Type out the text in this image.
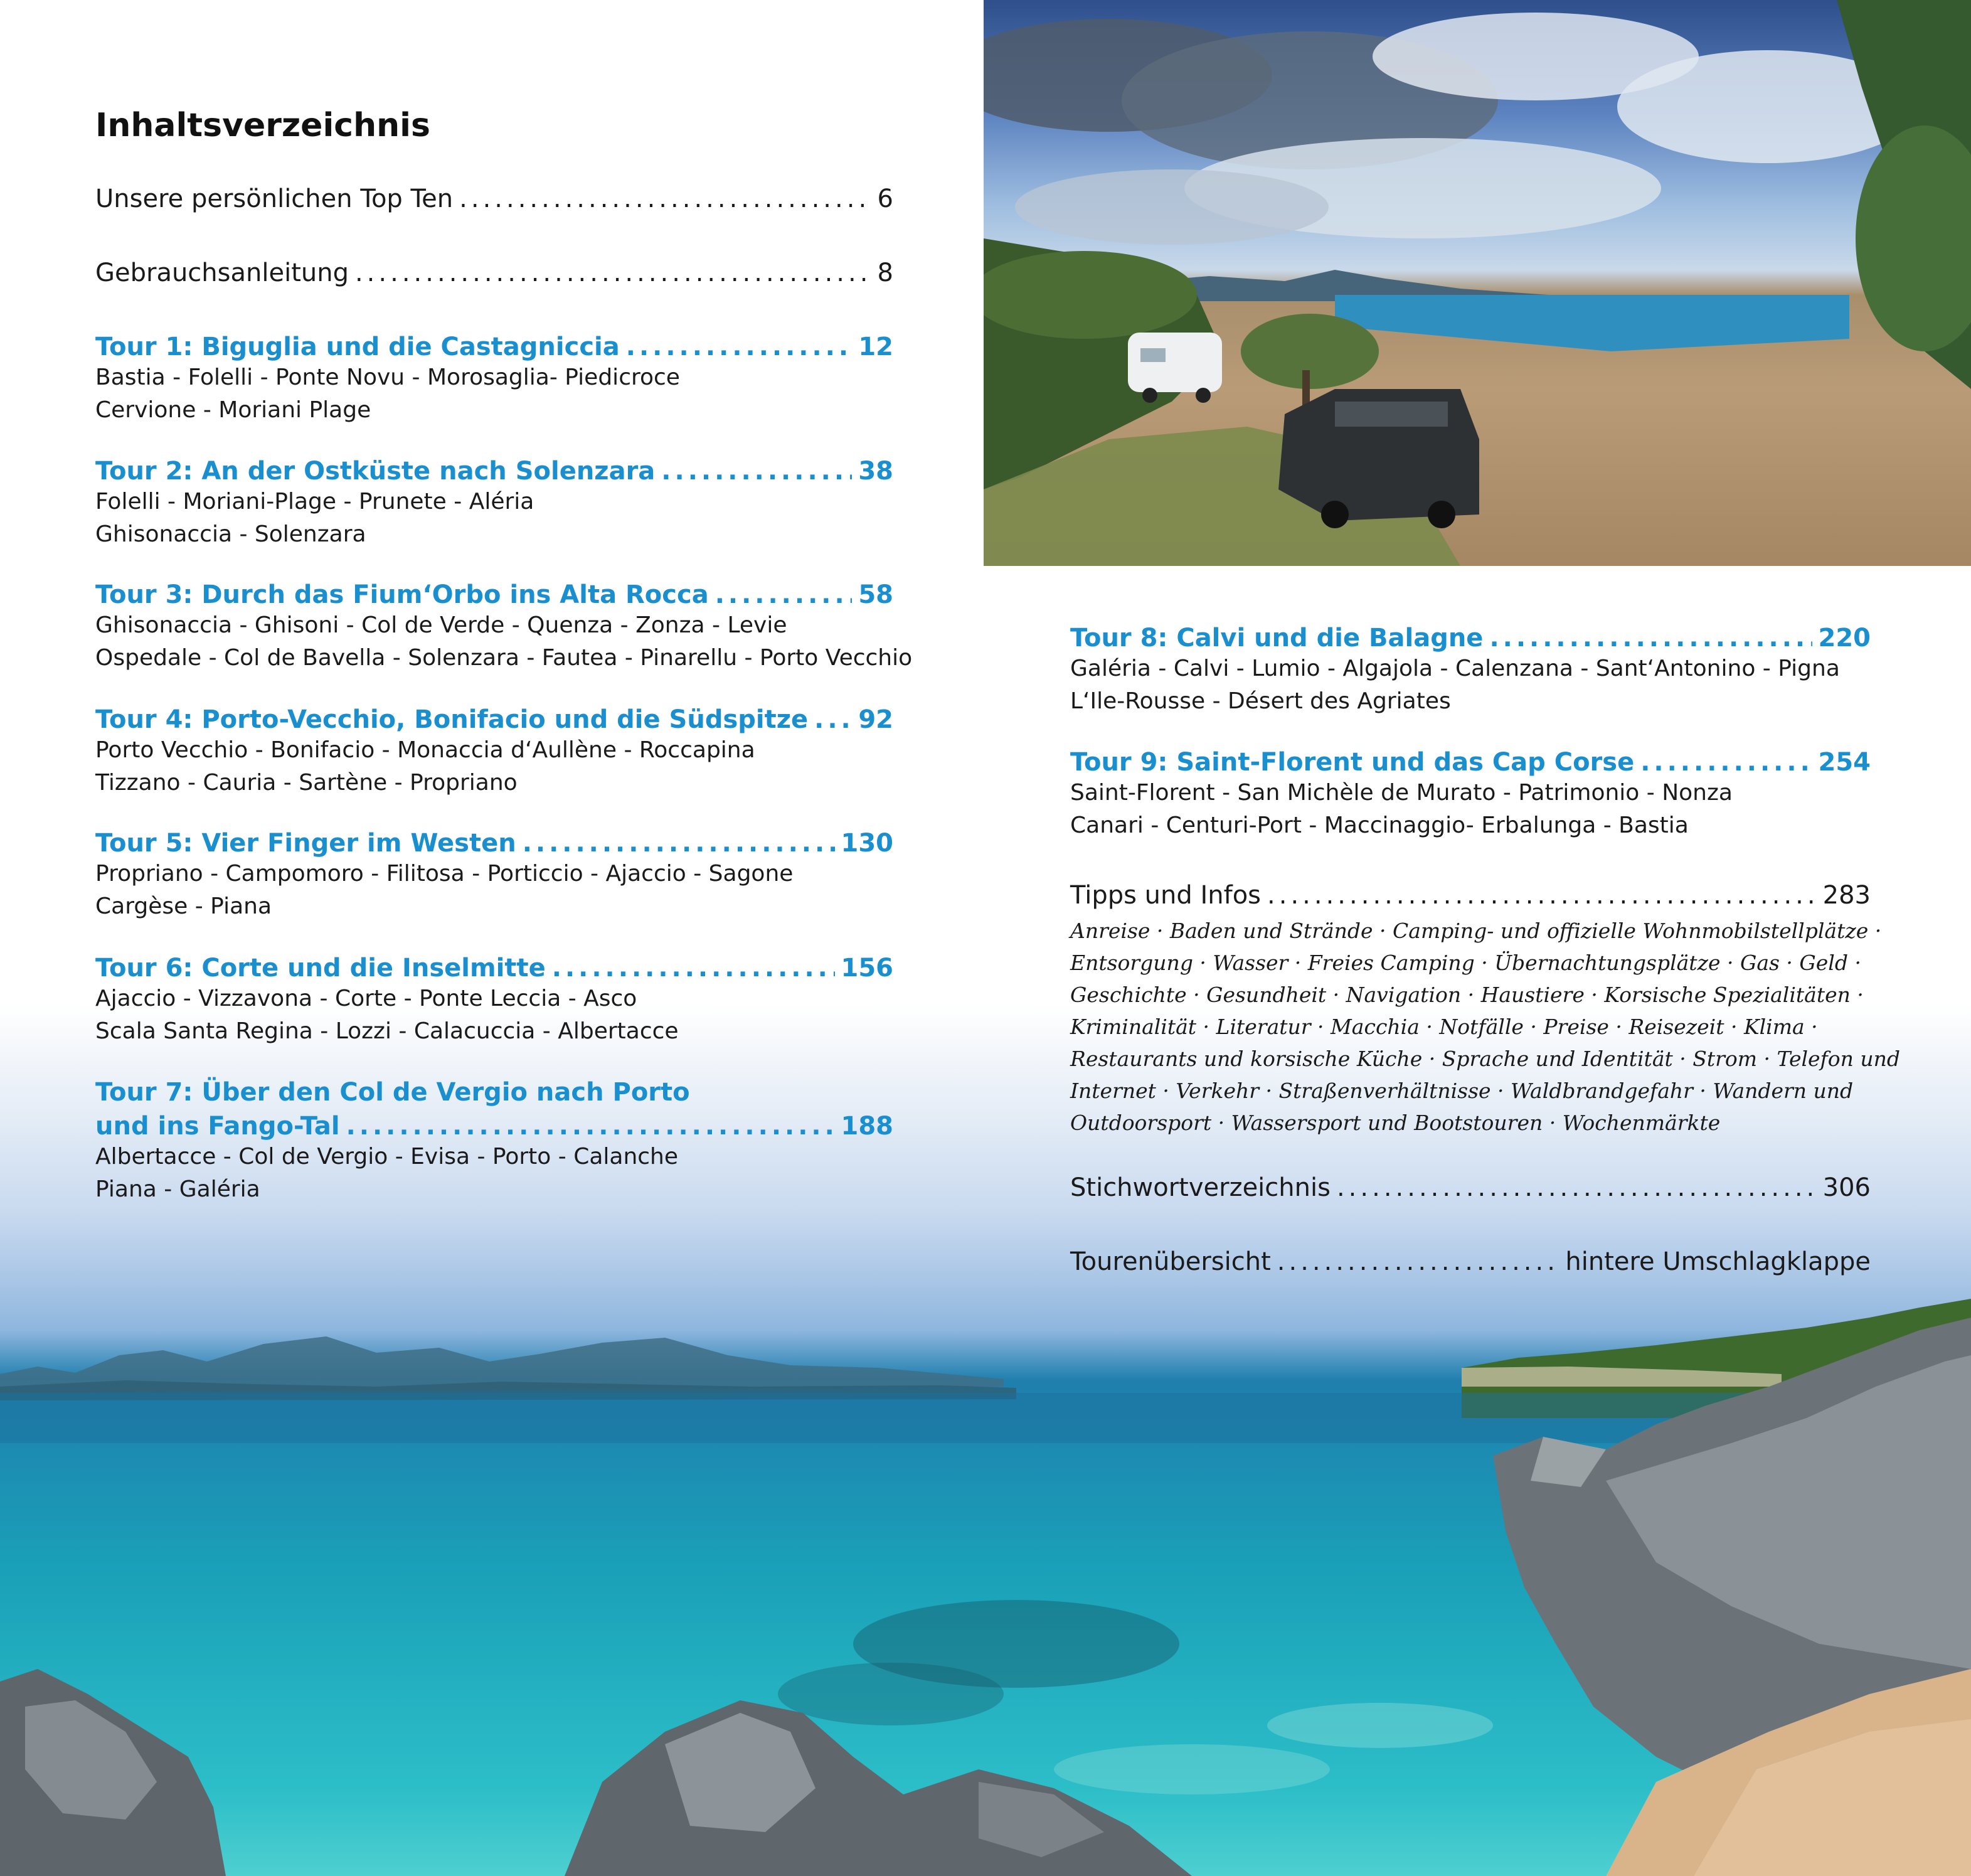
Inhaltsverzeichnis
Unsere persönlichen Top Ten .....	6
Gebrauchsanleitung .....	8
Tour 1: Biguglia und die Castagniccia .....	12
Bastia - Folelli - Ponte Novu - Morosaglia- Piedicroce
Cervione - Moriani Plage
Tour 2: An der Ostküste nach Solenzara .....	38
Folelli - Moriani-Plage - Prunete - Aléria
Ghisonaccia - Solenzara
Tour 3: Durch das Fium‘Orbo ins Alta Rocca .....	58
Ghisonaccia - Ghisoni - Col de Verde - Quenza - Zonza - Levie
Ospedale - Col de Bavella - Solenzara - Fautea - Pinarellu - Porto Vecchio
Tour 4: Porto-Vecchio, Bonifacio und die Südspitze ..... 92
Porto Vecchio - Bonifacio - Monaccia d‘Aullène - Roccapina
Tizzano - Cauria - Sartène - Propriano
Tour 5: Vier Finger im Westen .....	130
Propriano - Campomoro - Filitosa - Porticcio - Ajaccio - Sagone
Cargèse - Piana
Tour 6: Corte und die Inselmitte .....	156
Ajaccio - Vizzavona - Corte - Ponte Leccia - Asco
Scala Santa Regina - Lozzi - Calacuccia - Albertacce
Tour 7: Über den Col de Vergio nach Porto
und ins Fango-Tal .....	188
Albertacce - Col de Vergio - Evisa - Porto - Calanche
Piana - Galéria
Tour 8: Calvi und die Balagne .....	220
Galéria - Calvi - Lumio - Algajola - Calenzana - Sant‘Antonino - Pigna
L‘Ile-Rousse - Désert des Agriates
Tour 9: Saint-Florent und das Cap Corse .....	254
Saint-Florent - San Michèle de Murato - Patrimonio - Nonza
Canari - Centuri-Port - Maccinaggio- Erbalunga - Bastia
Tipps und Infos .....	283
Anreise · Baden und Strände · Camping- und offizielle Wohnmobilstellplätze ·
Entsorgung · Wasser · Freies Camping · Übernachtungsplätze · Gas · Geld ·
Geschichte · Gesundheit · Navigation · Haustiere · Korsische Spezialitäten ·
Kriminalität · Literatur · Macchia · Notfälle · Preise · Reisezeit · Klima ·
Restaurants und korsische Küche · Sprache und Identität · Strom · Telefon und
Internet · Verkehr · Straßenverhältnisse · Waldbrandgefahr · Wandern und
Outdoorsport · Wassersport und Bootstouren · Wochenmärkte
Stichwortverzeichnis .....	306
Tourenübersicht .....	hintere Umschlagklappe
